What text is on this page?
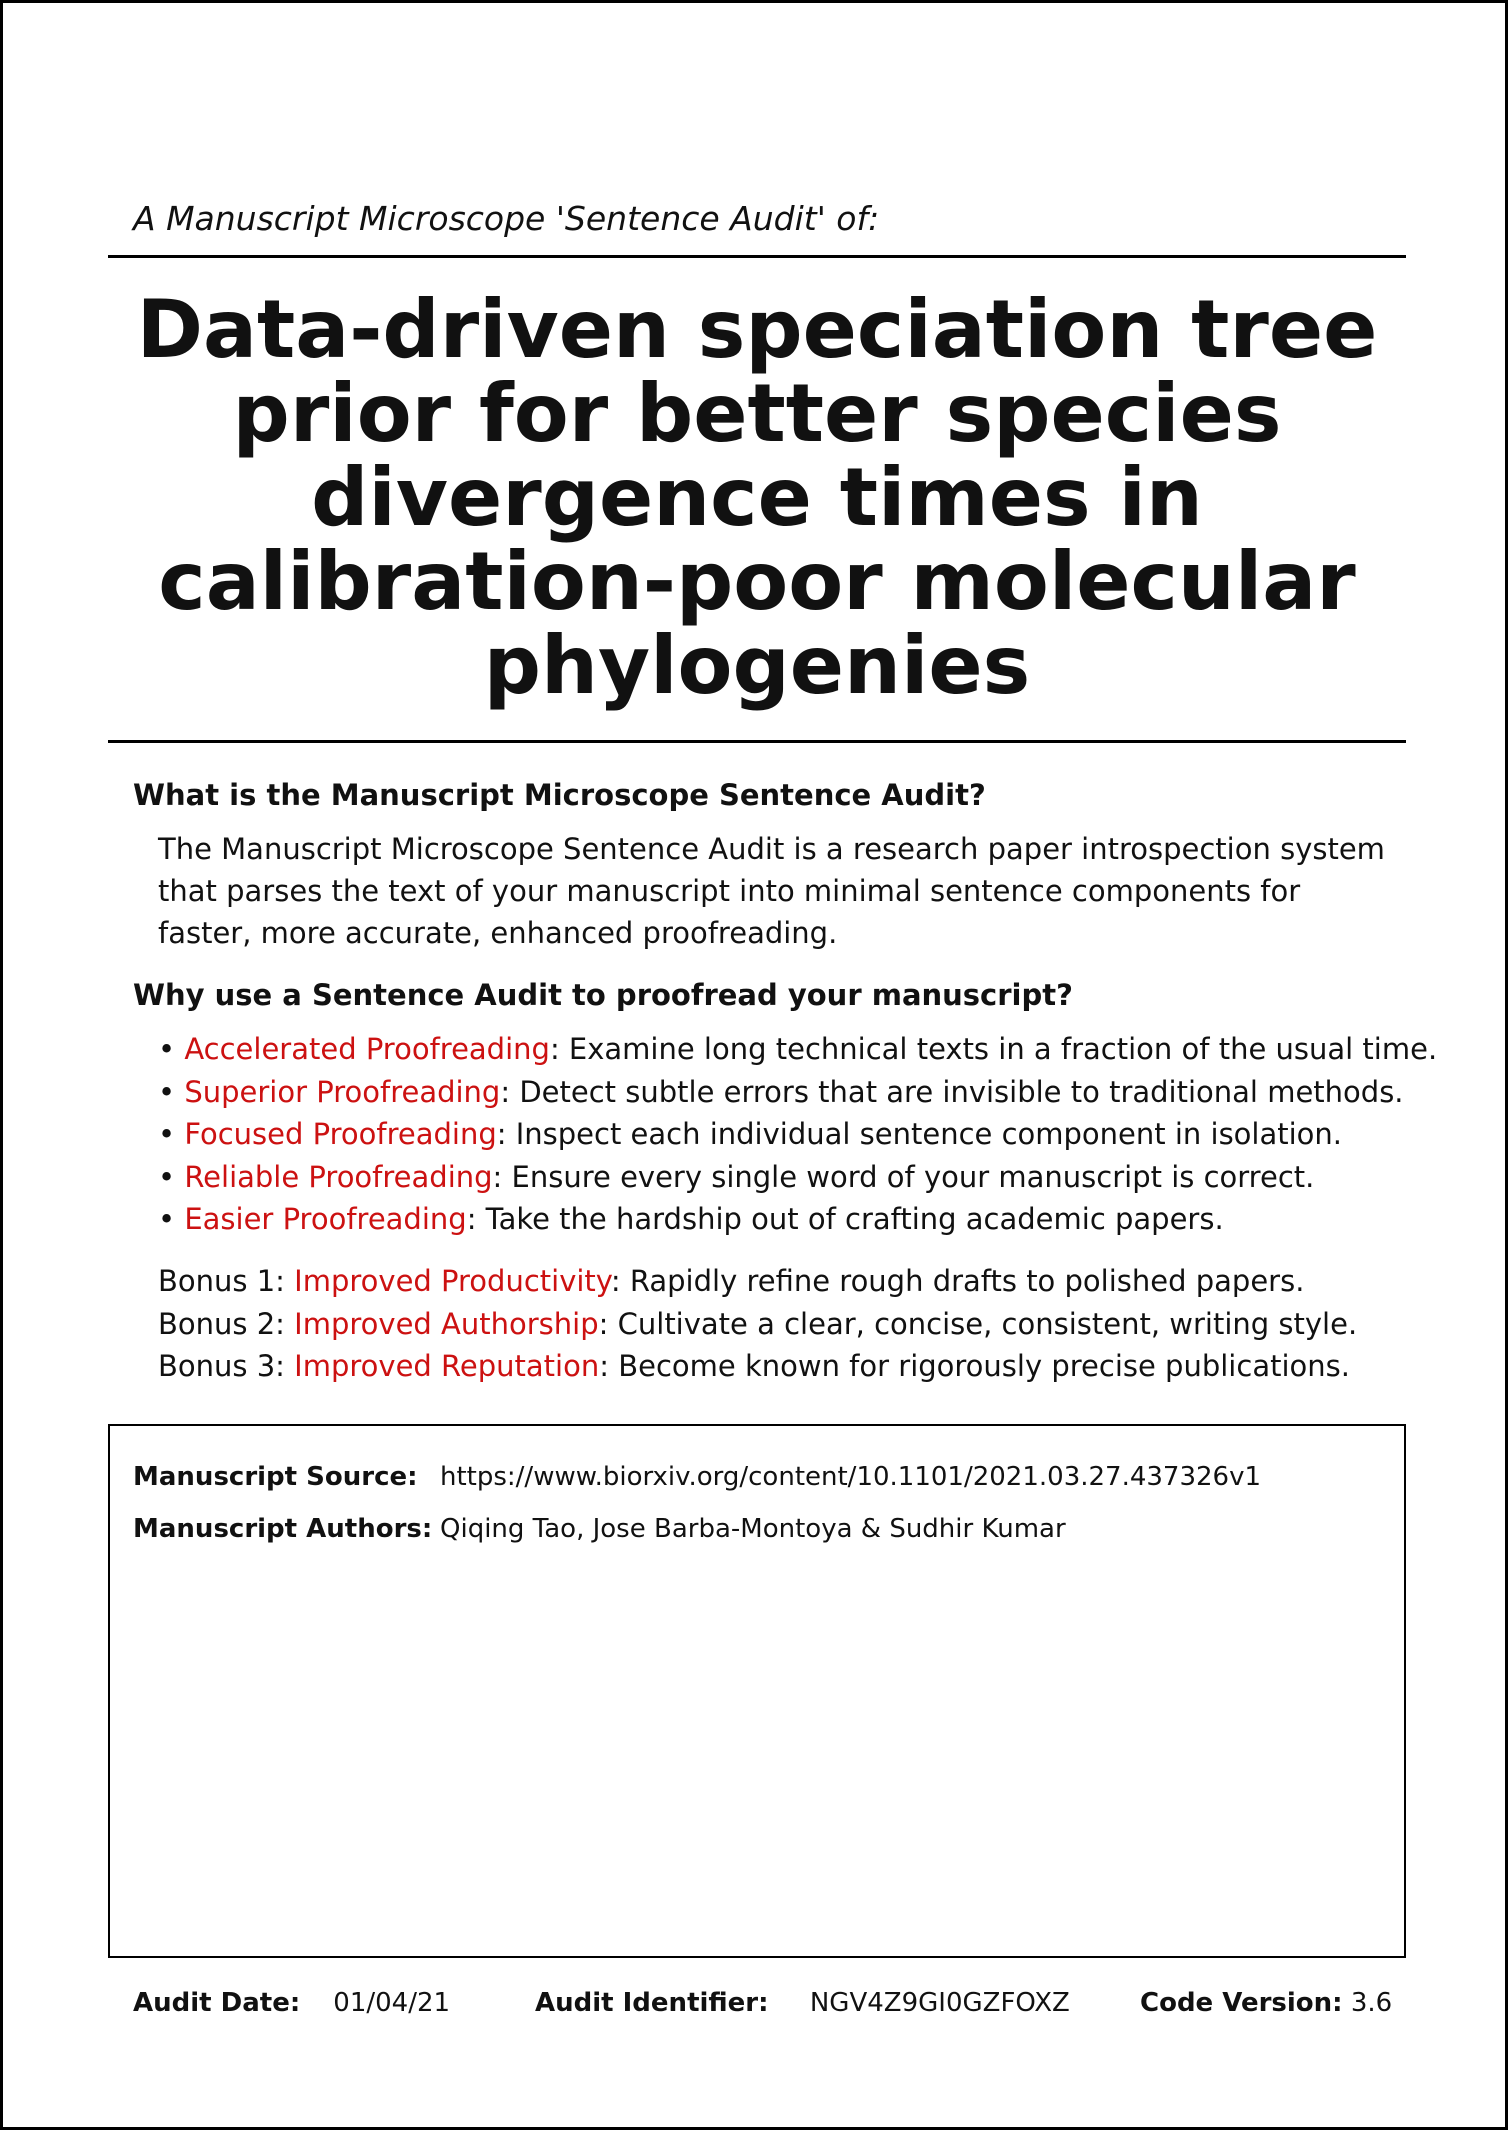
A Manuscript Microscope 'Sentence Audit' of:
Data-driven speciation tree prior for better species divergence times in calibration-poor molecular phylogenies
What is the Manuscript Microscope Sentence Audit?

The Manuscript Microscope Sentence Audit is a research paper introspection system that parses the text of your manuscript into minimal sentence components for faster, more accurate, enhanced proofreading.

Why use a Sentence Audit to proofread your manuscript?
• Accelerated Proofreading: Examine long technical texts in a fraction of the usual time.
• Superior Proofreading: Detect subtle errors that are invisible to traditional methods.
• Focused Proofreading: Inspect each individual sentence component in isolation.
• Reliable Proofreading: Ensure every single word of your manuscript is correct.
• Easier Proofreading: Take the hardship out of crafting academic papers.
Bonus 1: Improved Productivity: Rapidly refine rough drafts to polished papers.
Bonus 2: Improved Authorship: Cultivate a clear, concise, consistent, writing style.
Bonus 3: Improved Reputation: Become known for rigorously precise publications.
Manuscript Source: https://www.biorxiv.org/content/10.1101/2021.03.27.437326v1
Manuscript Authors: Qiqing Tao, Jose Barba-Montoya & Sudhir Kumar
Audit Date: 01/04/21	Audit Identifier: NGV4Z9GI0GZFOXZ	Code Version: 3.6
